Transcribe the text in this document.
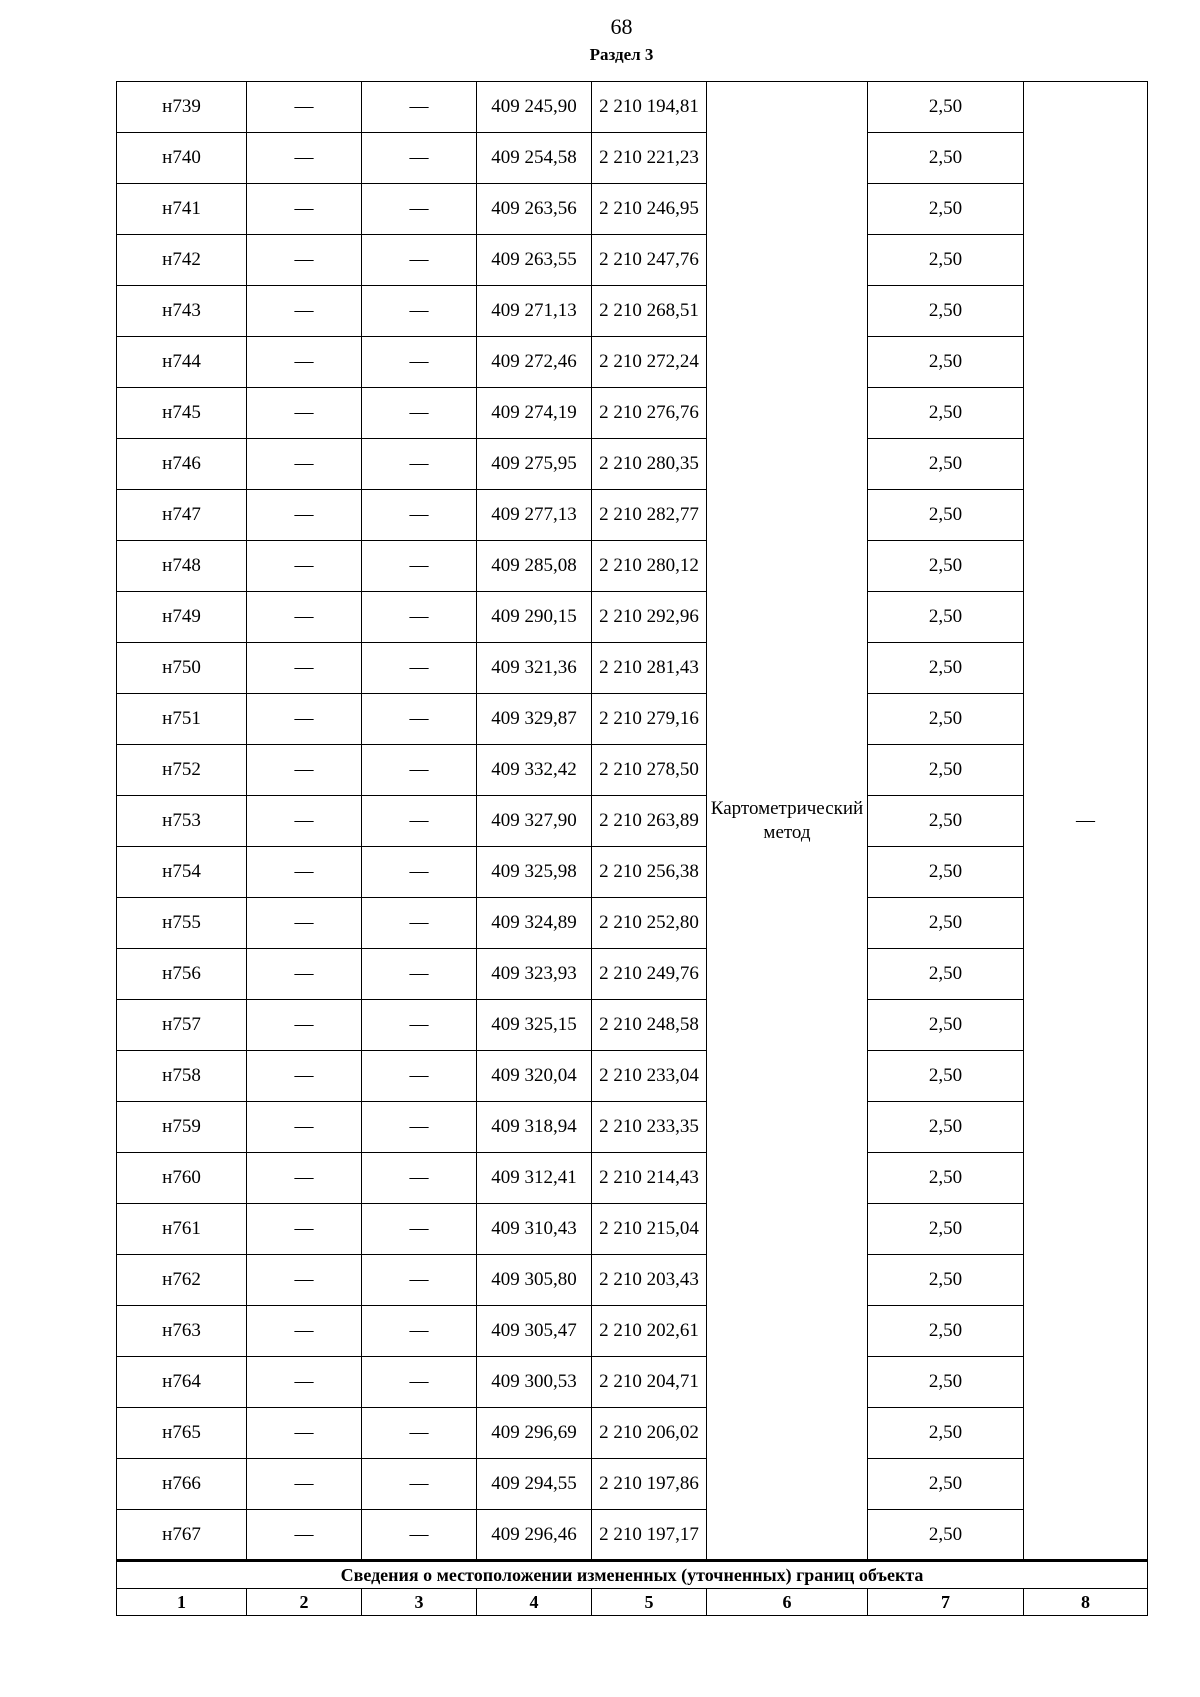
68
Раздел 3
н739	—	—	409 245,90	2 210 194,81	Картометрический метод	2,50	—
н740	—	—	409 254,58	2 210 221,23		2,50	
н741	—	—	409 263,56	2 210 246,95		2,50	
н742	—	—	409 263,55	2 210 247,76		2,50	
н743	—	—	409 271,13	2 210 268,51		2,50	
н744	—	—	409 272,46	2 210 272,24		2,50	
н745	—	—	409 274,19	2 210 276,76		2,50	
н746	—	—	409 275,95	2 210 280,35		2,50	
н747	—	—	409 277,13	2 210 282,77		2,50	
н748	—	—	409 285,08	2 210 280,12		2,50	
н749	—	—	409 290,15	2 210 292,96		2,50	
н750	—	—	409 321,36	2 210 281,43		2,50	
н751	—	—	409 329,87	2 210 279,16		2,50	
н752	—	—	409 332,42	2 210 278,50		2,50	
н753	—	—	409 327,90	2 210 263,89		2,50	
н754	—	—	409 325,98	2 210 256,38		2,50	
н755	—	—	409 324,89	2 210 252,80		2,50	
н756	—	—	409 323,93	2 210 249,76		2,50	
н757	—	—	409 325,15	2 210 248,58		2,50	
н758	—	—	409 320,04	2 210 233,04		2,50	
н759	—	—	409 318,94	2 210 233,35		2,50	
н760	—	—	409 312,41	2 210 214,43		2,50	
н761	—	—	409 310,43	2 210 215,04		2,50	
н762	—	—	409 305,80	2 210 203,43		2,50	
н763	—	—	409 305,47	2 210 202,61		2,50	
н764	—	—	409 300,53	2 210 204,71		2,50	
н765	—	—	409 296,69	2 210 206,02		2,50	
н766	—	—	409 294,55	2 210 197,86		2,50	
н767	—	—	409 296,46	2 210 197,17		2,50	
Сведения о местоположении измененных (уточненных) границ объекта							
1	2	3	4	5	6	7	8
